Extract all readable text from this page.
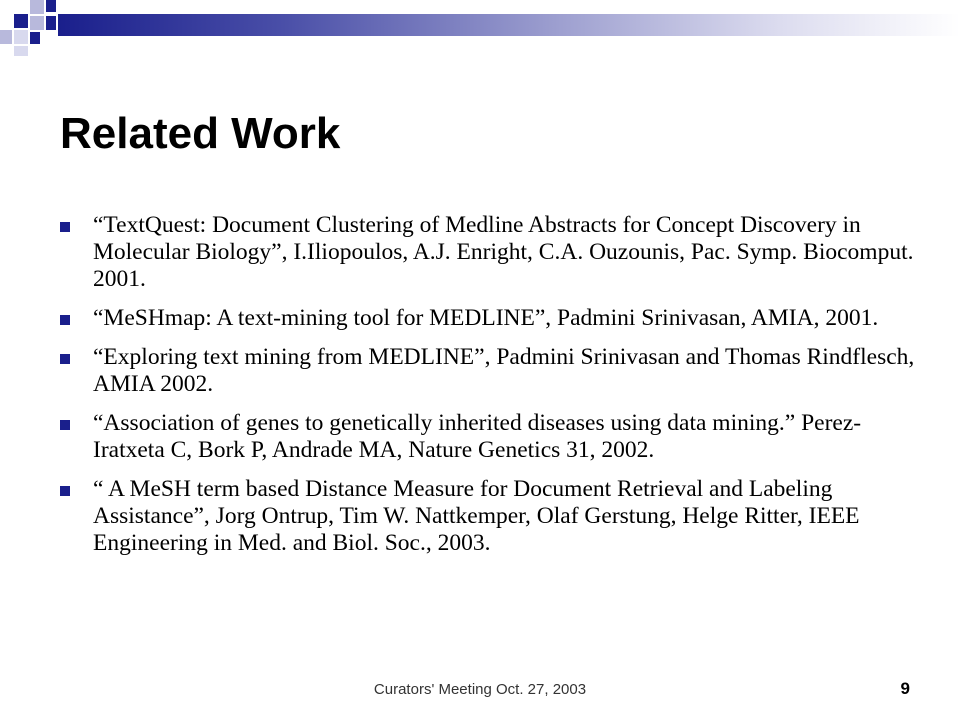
Related Work
“TextQuest: Document Clustering of Medline Abstracts for Concept Discovery in Molecular Biology”, I.Iliopoulos, A.J. Enright, C.A. Ouzounis, Pac. Symp. Biocomput. 2001.
“MeSHmap: A text-mining tool for MEDLINE”, Padmini Srinivasan, AMIA, 2001.
“Exploring text mining from MEDLINE”, Padmini Srinivasan and Thomas Rindflesch, AMIA 2002.
“Association of genes to genetically inherited diseases using data mining.” Perez-Iratxeta C, Bork P, Andrade MA, Nature Genetics 31, 2002.
“ A MeSH term based Distance Measure for Document Retrieval and Labeling Assistance”, Jorg Ontrup, Tim W. Nattkemper, Olaf Gerstung, Helge Ritter, IEEE Engineering in Med. and Biol. Soc., 2003.
Curators' Meeting Oct. 27, 2003	9
